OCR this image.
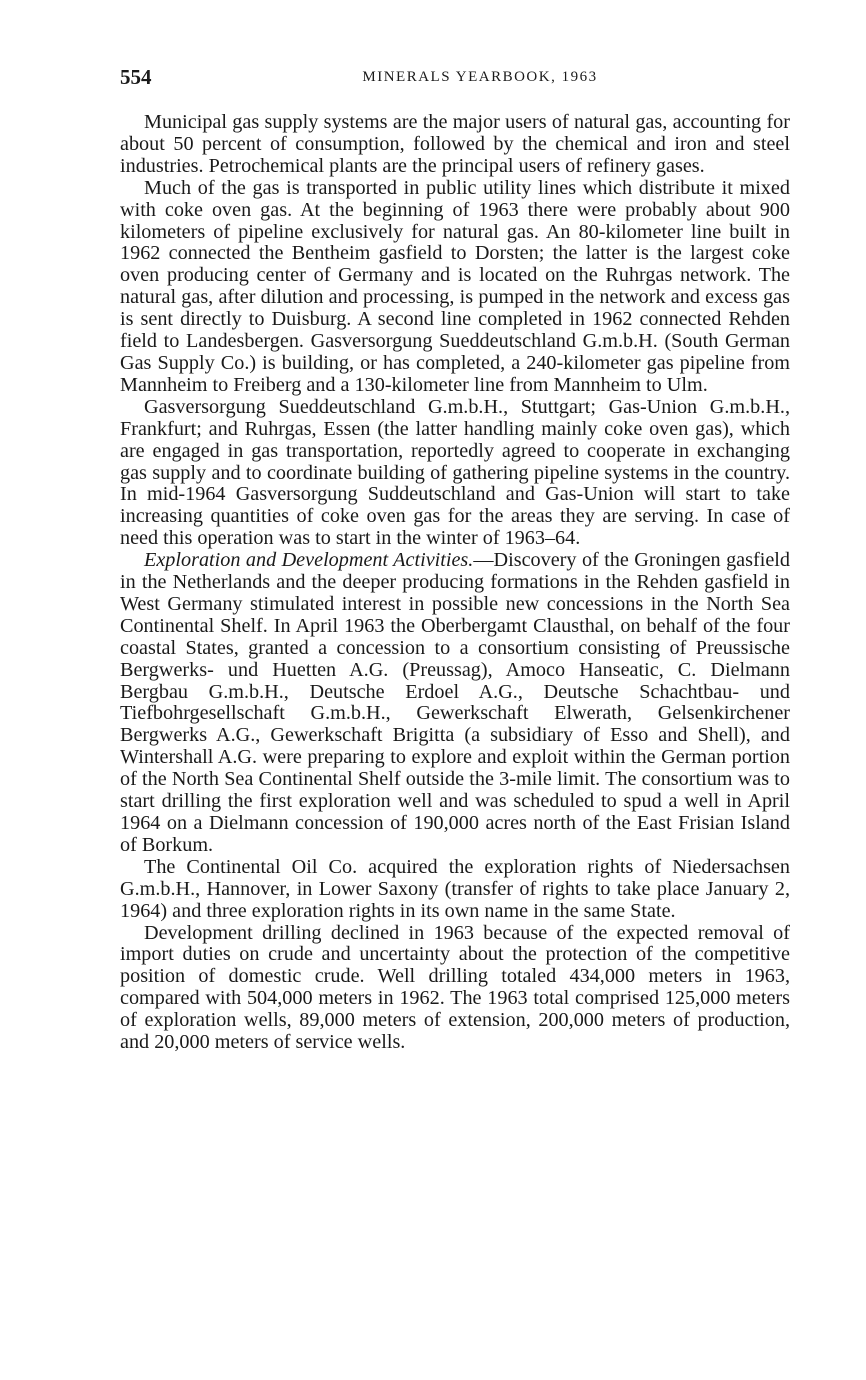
554	MINERALS YEARBOOK, 1963

Municipal gas supply systems are the major users of natural gas, accounting for about 50 percent of consumption, followed by the chemical and iron and steel industries. Petrochemical plants are the principal users of refinery gases.

Much of the gas is transported in public utility lines which distribute it mixed with coke oven gas. At the beginning of 1963 there were probably about 900 kilometers of pipeline exclusively for natural gas. An 80-kilometer line built in 1962 connected the Bentheim gasfield to Dorsten; the latter is the largest coke oven producing center of Germany and is located on the Ruhrgas network. The natural gas, after dilution and processing, is pumped in the network and excess gas is sent directly to Duisburg. A second line completed in 1962 connected Rehden field to Landesbergen. Gasversorgung Sueddeutschland G.m.b.H. (South German Gas Supply Co.) is building, or has completed, a 240-kilometer gas pipeline from Mannheim to Freiberg and a 130-kilometer line from Mannheim to Ulm.

Gasversorgung Sueddeutschland G.m.b.H., Stuttgart; Gas-Union G.m.b.H., Frankfurt; and Ruhrgas, Essen (the latter handling mainly coke oven gas), which are engaged in gas transportation, reportedly agreed to cooperate in exchanging gas supply and to coordinate building of gathering pipeline systems in the country. In mid-1964 Gasversorgung Suddeutschland and Gas-Union will start to take increasing quantities of coke oven gas for the areas they are serving. In case of need this operation was to start in the winter of 1963–64.

Exploration and Development Activities.—Discovery of the Groningen gasfield in the Netherlands and the deeper producing formations in the Rehden gasfield in West Germany stimulated interest in possible new concessions in the North Sea Continental Shelf. In April 1963 the Oberbergamt Clausthal, on behalf of the four coastal States, granted a concession to a consortium consisting of Preussische Bergwerks- und Huetten A.G. (Preussag), Amoco Hanseatic, C. Dielmann Bergbau G.m.b.H., Deutsche Erdoel A.G., Deutsche Schachtbau- und Tiefbohrgesellschaft G.m.b.H., Gewerkschaft Elwerath, Gelsenkirchener Bergwerks A.G., Gewerkschaft Brigitta (a subsidiary of Esso and Shell), and Wintershall A.G. were preparing to explore and exploit within the German portion of the North Sea Continental Shelf outside the 3-mile limit. The consortium was to start drilling the first exploration well and was scheduled to spud a well in April 1964 on a Dielmann concession of 190,000 acres north of the East Frisian Island of Borkum.

The Continental Oil Co. acquired the exploration rights of Niedersachsen G.m.b.H., Hannover, in Lower Saxony (transfer of rights to take place January 2, 1964) and three exploration rights in its own name in the same State.

Development drilling declined in 1963 because of the expected removal of import duties on crude and uncertainty about the protection of the competitive position of domestic crude. Well drilling totaled 434,000 meters in 1963, compared with 504,000 meters in 1962. The 1963 total comprised 125,000 meters of exploration wells, 89,000 meters of extension, 200,000 meters of production, and 20,000 meters of service wells.
